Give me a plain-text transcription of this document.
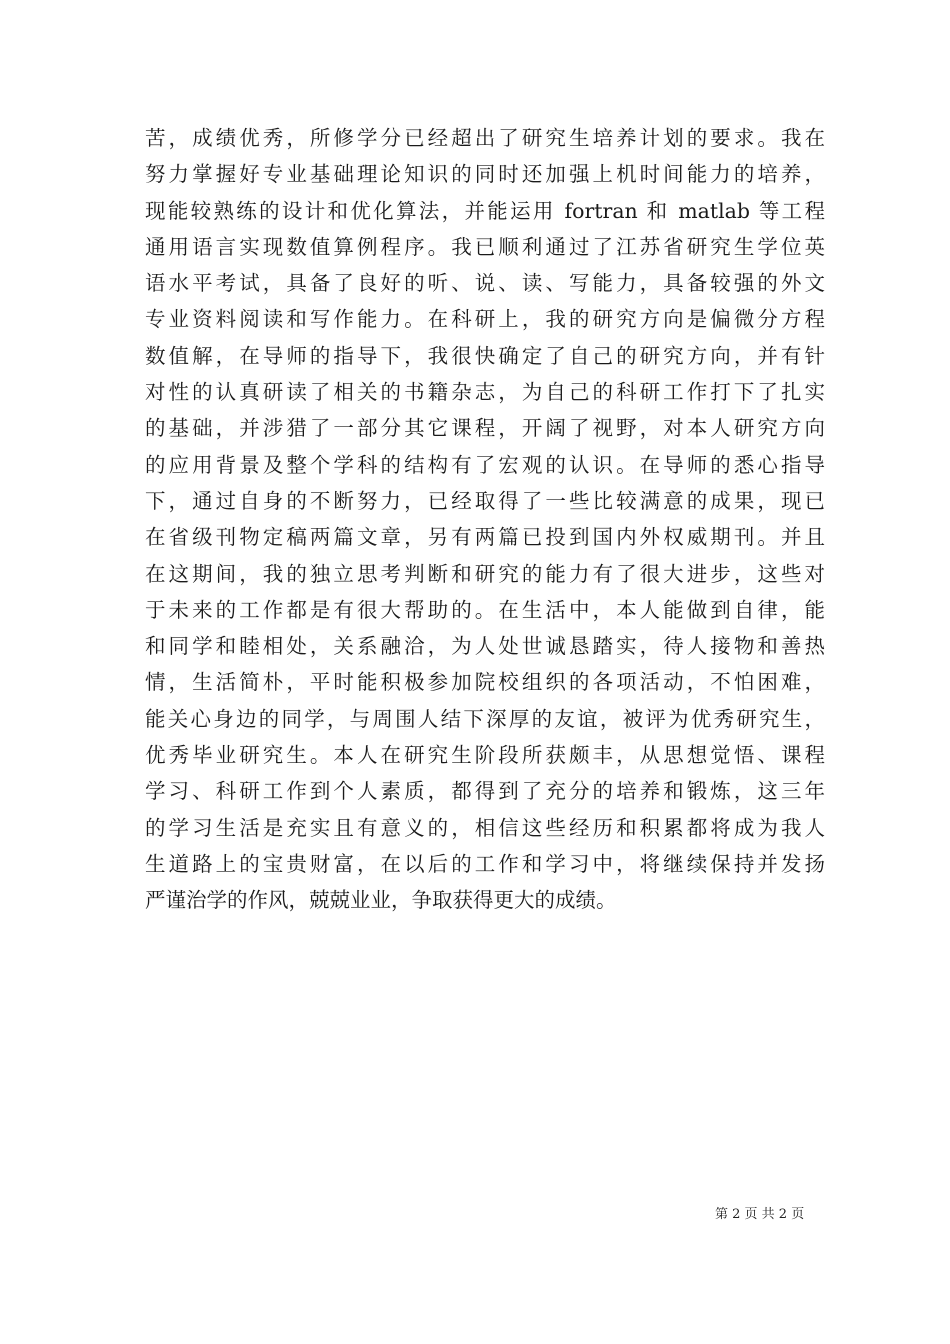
苦，成绩优秀，所修学分已经超出了研究生培养计划的要求。我在
努力掌握好专业基础理论知识的同时还加强上机时间能力的培养，
现能较熟练的设计和优化算法，并能运用 fortran 和 matlab 等工程
通用语言实现数值算例程序。我已顺利通过了江苏省研究生学位英
语水平考试，具备了良好的听、说、读、写能力，具备较强的外文
专业资料阅读和写作能力。在科研上，我的研究方向是偏微分方程
数值解，在导师的指导下，我很快确定了自己的研究方向，并有针
对性的认真研读了相关的书籍杂志，为自己的科研工作打下了扎实
的基础，并涉猎了一部分其它课程，开阔了视野，对本人研究方向
的应用背景及整个学科的结构有了宏观的认识。在导师的悉心指导
下，通过自身的不断努力，已经取得了一些比较满意的成果，现已
在省级刊物定稿两篇文章，另有两篇已投到国内外权威期刊。并且
在这期间，我的独立思考判断和研究的能力有了很大进步，这些对
于未来的工作都是有很大帮助的。在生活中，本人能做到自律，能
和同学和睦相处，关系融洽，为人处世诚恳踏实，待人接物和善热
情，生活简朴，平时能积极参加院校组织的各项活动，不怕困难，
能关心身边的同学，与周围人结下深厚的友谊，被评为优秀研究生，
优秀毕业研究生。本人在研究生阶段所获颇丰，从思想觉悟、课程
学习、科研工作到个人素质，都得到了充分的培养和锻炼，这三年
的学习生活是充实且有意义的，相信这些经历和积累都将成为我人
生道路上的宝贵财富，在以后的工作和学习中，将继续保持并发扬
严谨治学的作风，兢兢业业，争取获得更大的成绩。
第 2 页 共 2 页
